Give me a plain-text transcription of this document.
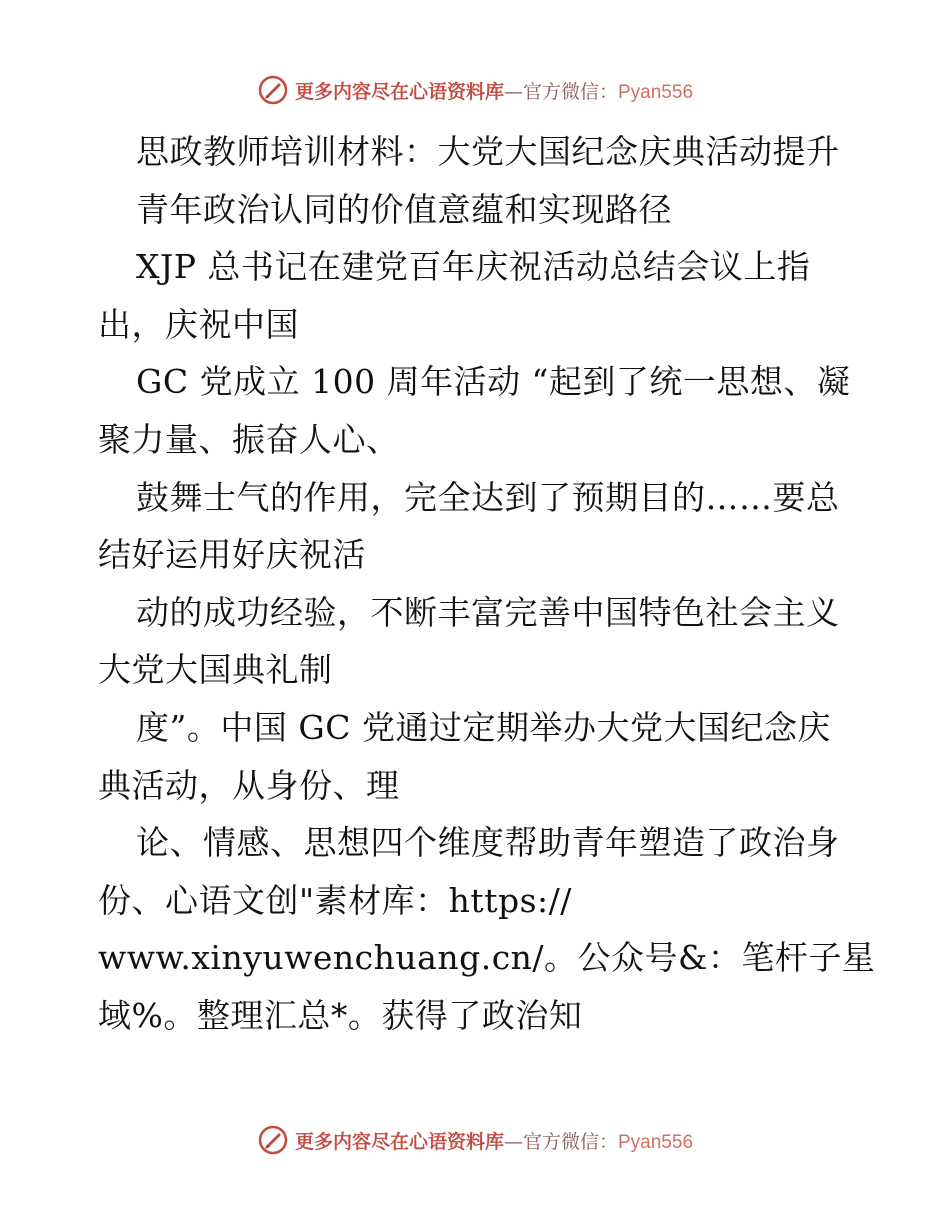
更多内容尽在心语资料库—官方微信：Pyan556
思政教师培训材料：大党大国纪念庆典活动提升
青年政治认同的价值意蕴和实现路径
XJP 总书记在建党百年庆祝活动总结会议上指
出，庆祝中国
GC 党成立 100 周年活动 “起到了统一思想、凝
聚力量、振奋人心、
鼓舞士气的作用，完全达到了预期目的……要总
结好运用好庆祝活
动的成功经验，不断丰富完善中国特色社会主义
大党大国典礼制
度”。中国 GC 党通过定期举办大党大国纪念庆
典活动，从身份、理
论、情感、思想四个维度帮助青年塑造了政治身
份、心语文创"素材库：https://
www.xinyuwenchuang.cn/。公众号&：笔杆子星
域%。整理汇总*。获得了政治知
更多内容尽在心语资料库—官方微信：Pyan556
